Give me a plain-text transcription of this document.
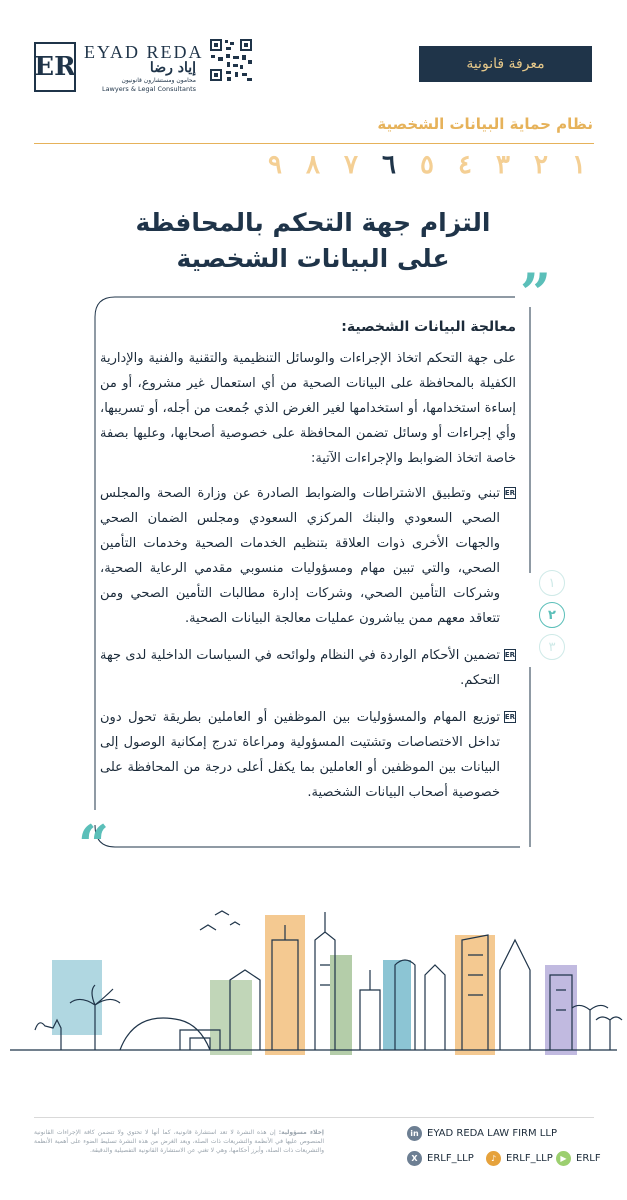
معرفة قانونية
ER EYAD REDA
إياد رضا
محامون ومستشارون قانونيون
Lawyers & Legal Consultants
نظام حماية البيانات الشخصية
١
٢
٣
٤
٥
٦
٧
٨
٩
التزام جهة التحكم بالمحافظة
على البيانات الشخصية
”
“
معالجة البيانات الشخصية:
على جهة التحكم اتخاذ الإجراءات والوسائل التنظيمية والتقنية والفنية والإدارية الكفيلة بالمحافظة على البيانات الصحية من أي استعمال غير مشروع، أو من إساءة استخدامها، أو استخدامها لغير الغرض الذي جُمعت من أجله، أو تسريبها، وأي إجراءات أو وسائل تضمن المحافظة على خصوصية أصحابها، وعليها بصفة خاصة اتخاذ الضوابط والإجراءات الآتية:
ER
تبني وتطبيق الاشتراطات والضوابط الصادرة عن وزارة الصحة والمجلس الصحي السعودي والبنك المركزي السعودي ومجلس الضمان الصحي والجهات الأخرى ذوات العلاقة بتنظيم الخدمات الصحية وخدمات التأمين الصحي، والتي تبين مهام ومسؤوليات منسوبي مقدمي الرعاية الصحية، وشركات التأمين الصحي، وشركات إدارة مطالبات التأمين الصحي ومن تتعاقد معهم ممن يباشرون عمليات معالجة البيانات الصحية.
ER
تضمين الأحكام الواردة في النظام ولوائحه في السياسات الداخلية لدى جهة التحكم.
ER
توزيع المهام والمسؤوليات بين الموظفين أو العاملين بطريقة تحول دون تداخل الاختصاصات وتشتيت المسؤولية ومراعاة تدرج إمكانية الوصول إلى البيانات بين الموظفين أو العاملين بما يكفل أعلى درجة من المحافظة على خصوصية أصحاب البيانات الشخصية.
١
٢
٣
إخلاء مسؤولية: إن هذه النشرة لا تعد استشارة قانونية، كما أنها لا تحتوي ولا تتضمن كافة الإجراءات القانونية المنصوص عليها في الأنظمة والتشريعات ذات الصلة، ويعد الغرض من هذه النشرة تسليط الضوء على أهمية الأنظمة والتشريعات ذات الصلة، وأبرز أحكامها، وهي لا تغني عن الاستشارة القانونية التفصيلية والدقيقة.
in EYAD REDA LAW FIRM LLP
X ERLF_LLP	♪ ERLF_LLP ▶ ERLF
